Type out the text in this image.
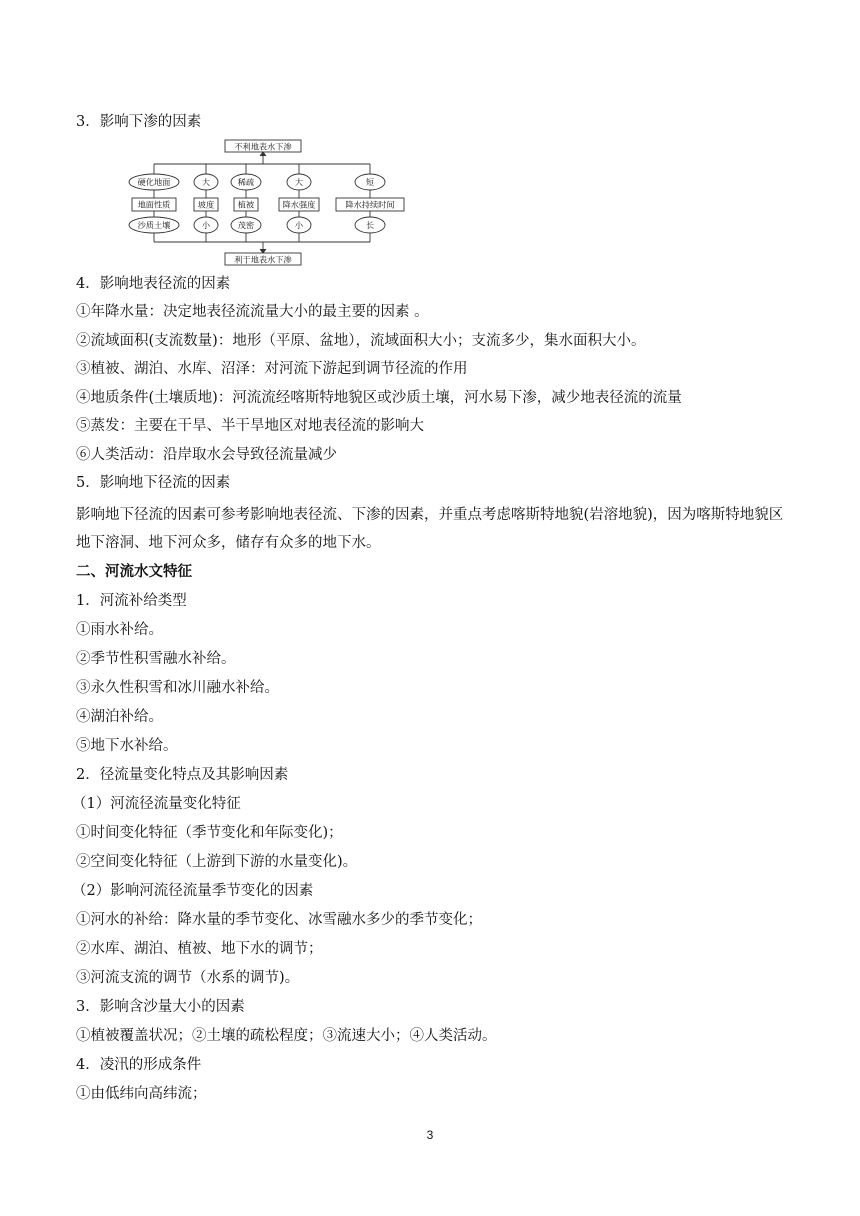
3．影响下渗的因素
不利地表水下渗
硬化地面	大	稀疏	大	短
地面性质	坡度	植被	降水强度	降水持续时间
沙质土壤	小	茂密	小	长
利于地表水下渗
4．影响地表径流的因素
①年降水量：决定地表径流流量大小的最主要的因素 。
②流域面积(支流数量)：地形（平原、盆地），流域面积大小；支流多少，集水面积大小。
③植被、湖泊、水库、沼泽：对河流下游起到调节径流的作用
④地质条件(土壤质地)：河流流经喀斯特地貌区或沙质土壤，河水易下渗，减少地表径流的流量
⑤蒸发：主要在干旱、半干旱地区对地表径流的影响大
⑥人类活动：沿岸取水会导致径流量减少
5．影响地下径流的因素
影响地下径流的因素可参考影响地表径流、下渗的因素，并重点考虑喀斯特地貌(岩溶地貌)，因为喀斯特地貌区地下溶洞、地下河众多，储存有众多的地下水。
二、河流水文特征
1．河流补给类型
①雨水补给。
②季节性积雪融水补给。
③永久性积雪和冰川融水补给。
④湖泊补给。
⑤地下水补给。
2．径流量变化特点及其影响因素
（1）河流径流量变化特征
①时间变化特征（季节变化和年际变化)；
②空间变化特征（上游到下游的水量变化)。
（2）影响河流径流量季节变化的因素
①河水的补给：降水量的季节变化、冰雪融水多少的季节变化；
②水库、湖泊、植被、地下水的调节；
③河流支流的调节（水系的调节)。
3．影响含沙量大小的因素
①植被覆盖状况；②土壤的疏松程度；③流速大小；④人类活动。
4．凌汛的形成条件
①由低纬向高纬流；
3
